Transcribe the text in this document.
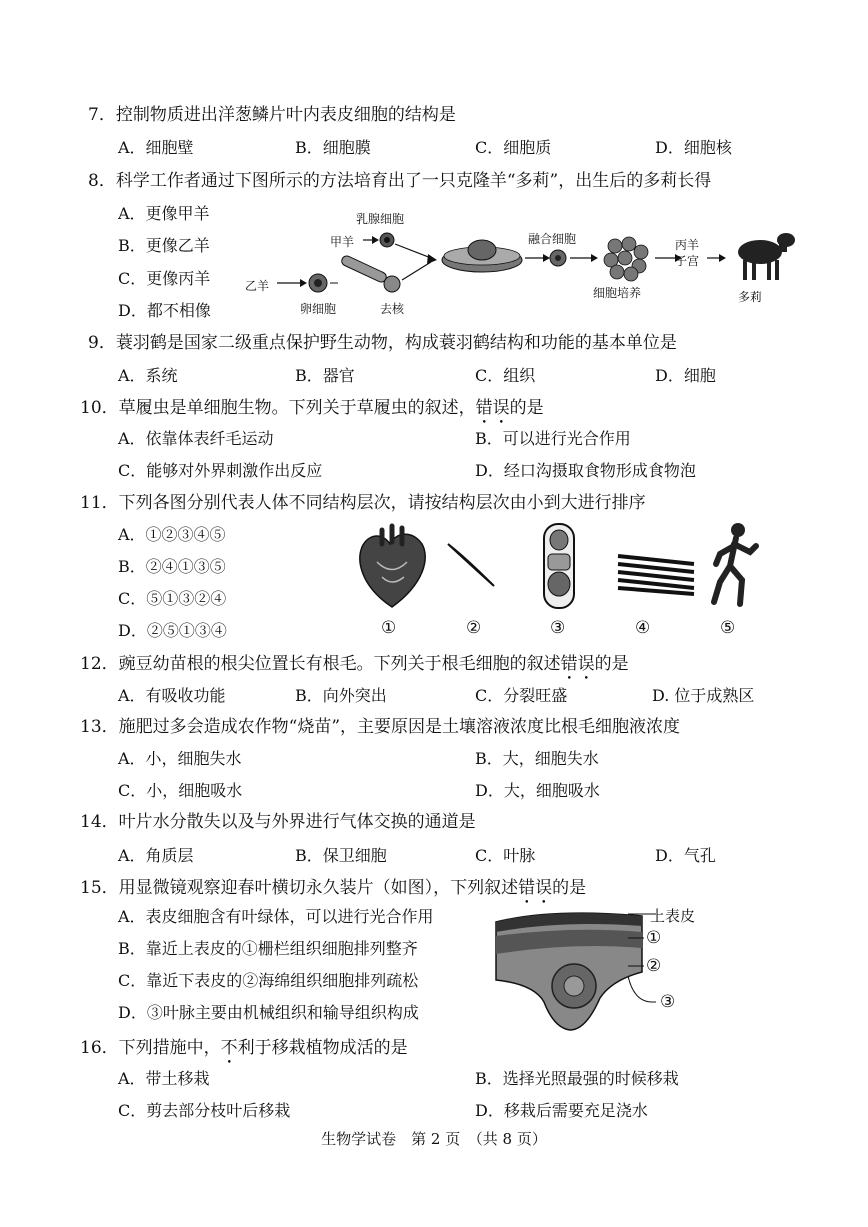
7．控制物质进出洋葱鳞片叶内表皮细胞的结构是
A．细胞壁	B．细胞膜	C．细胞质	D．细胞核
8．科学工作者通过下图所示的方法培育出了一只克隆羊“多莉”，出生后的多莉长得
A．更像甲羊
B．更像乙羊
C．更像丙羊
D．都不相像
乳腺细胞
甲羊
乙羊
卵细胞	去核
融合细胞
细胞培养
丙羊
子宫
多莉
9．蓑羽鹤是国家二级重点保护野生动物，构成蓑羽鹤结构和功能的基本单位是
A．系统	B．器官	C．组织	D．细胞
10．草履虫是单细胞生物。下列关于草履虫的叙述，错误的是
A．依靠体表纤毛运动	B．可以进行光合作用
C．能够对外界刺激作出反应	D．经口沟摄取食物形成食物泡
11．下列各图分别代表人体不同结构层次，请按结构层次由小到大进行排序
A．①②③④⑤
B．②④①③⑤
C．⑤①③②④
D．②⑤①③④	①	②	③	④	⑤
12．豌豆幼苗根的根尖位置长有根毛。下列关于根毛细胞的叙述错误的是
A．有吸收功能	B．向外突出	C．分裂旺盛	D. 位于成熟区
13．施肥过多会造成农作物“烧苗”，主要原因是土壤溶液浓度比根毛细胞液浓度
A．小，细胞失水	B．大，细胞失水
C．小，细胞吸水	D．大，细胞吸水
14．叶片水分散失以及与外界进行气体交换的通道是
A．角质层	B．保卫细胞	C．叶脉	D．气孔
15．用显微镜观察迎春叶横切永久装片（如图），下列叙述错误的是
A．表皮细胞含有叶绿体，可以进行光合作用
B．靠近上表皮的①栅栏组织细胞排列整齐
C．靠近下表皮的②海绵组织细胞排列疏松
D．③叶脉主要由机械组织和输导组织构成
上表皮
①
②
③
16．下列措施中，不利于移栽植物成活的是
A．带土移栽	B．选择光照最强的时候移栽
C．剪去部分枝叶后移栽	D．移栽后需要充足浇水
生物学试卷　第 2 页　（共 8 页）
